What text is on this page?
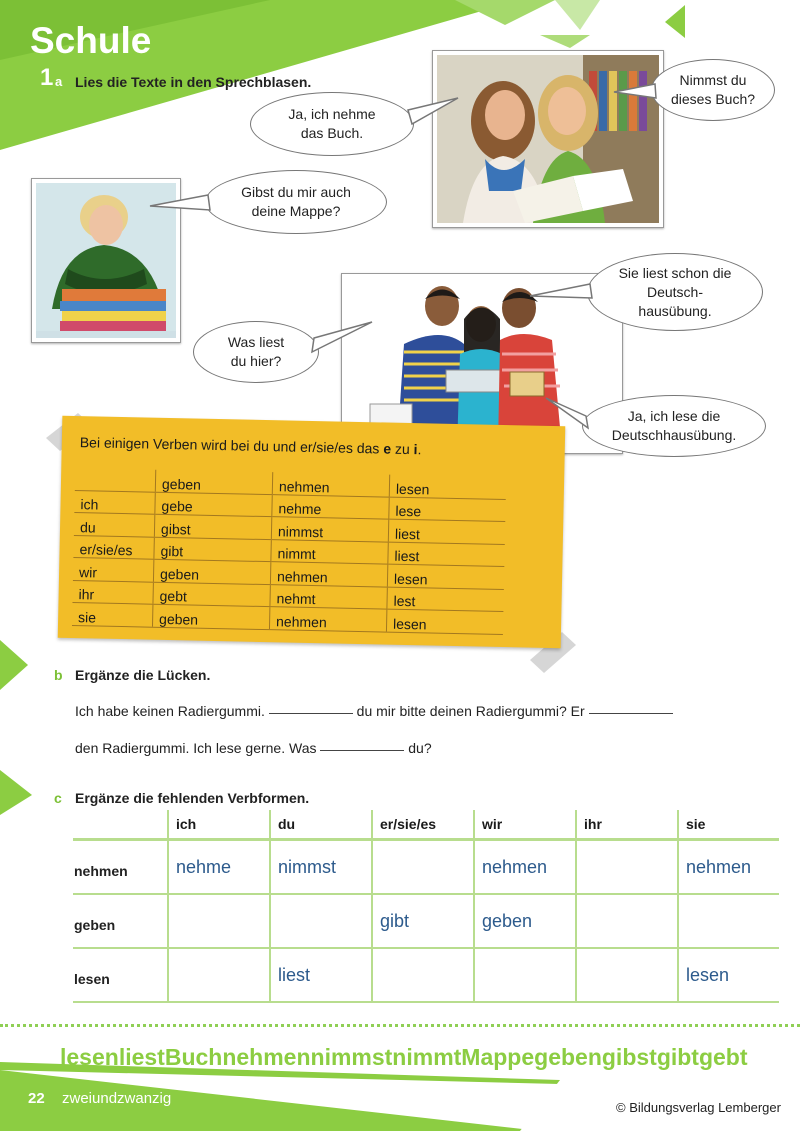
Schule
1 a Lies die Texte in den Sprechblasen.
Ja, ich nehme das Buch.
Nimmst du dieses Buch?
Gibst du mir auch deine Mappe?
Sie liest schon die Deutsch-hausübung.
Was liest du hier?
Ja, ich lese die Deutschhausübung.
Bei einigen Verben wird bei du und er/sie/es das e zu i.
	geben	nehmen	lesen
ich	gebe	nehme	lese
du	gibst	nimmst	liest
er/sie/es	gibt	nimmt	liest
wir	geben	nehmen	lesen
ihr	gebt	nehmt	lest
sie	geben	nehmen	lesen
b Ergänze die Lücken.
Ich habe keinen Radiergummi.	du mir bitte deinen Radiergummi? Er
den Radiergummi. Ich lese gerne. Was	du?
c Ergänze die fehlenden Verbformen.
	ich	du	er/sie/es	wir	ihr	sie
nehmen	nehme	nimmst		nehmen		nehmen
geben			gibt	geben		
lesen		liest				lesen
lesenliestBuchnehmennimmstnimmtMappegebengibstgibtgebt
22 zweiundzwanzig
© Bildungsverlag Lemberger
